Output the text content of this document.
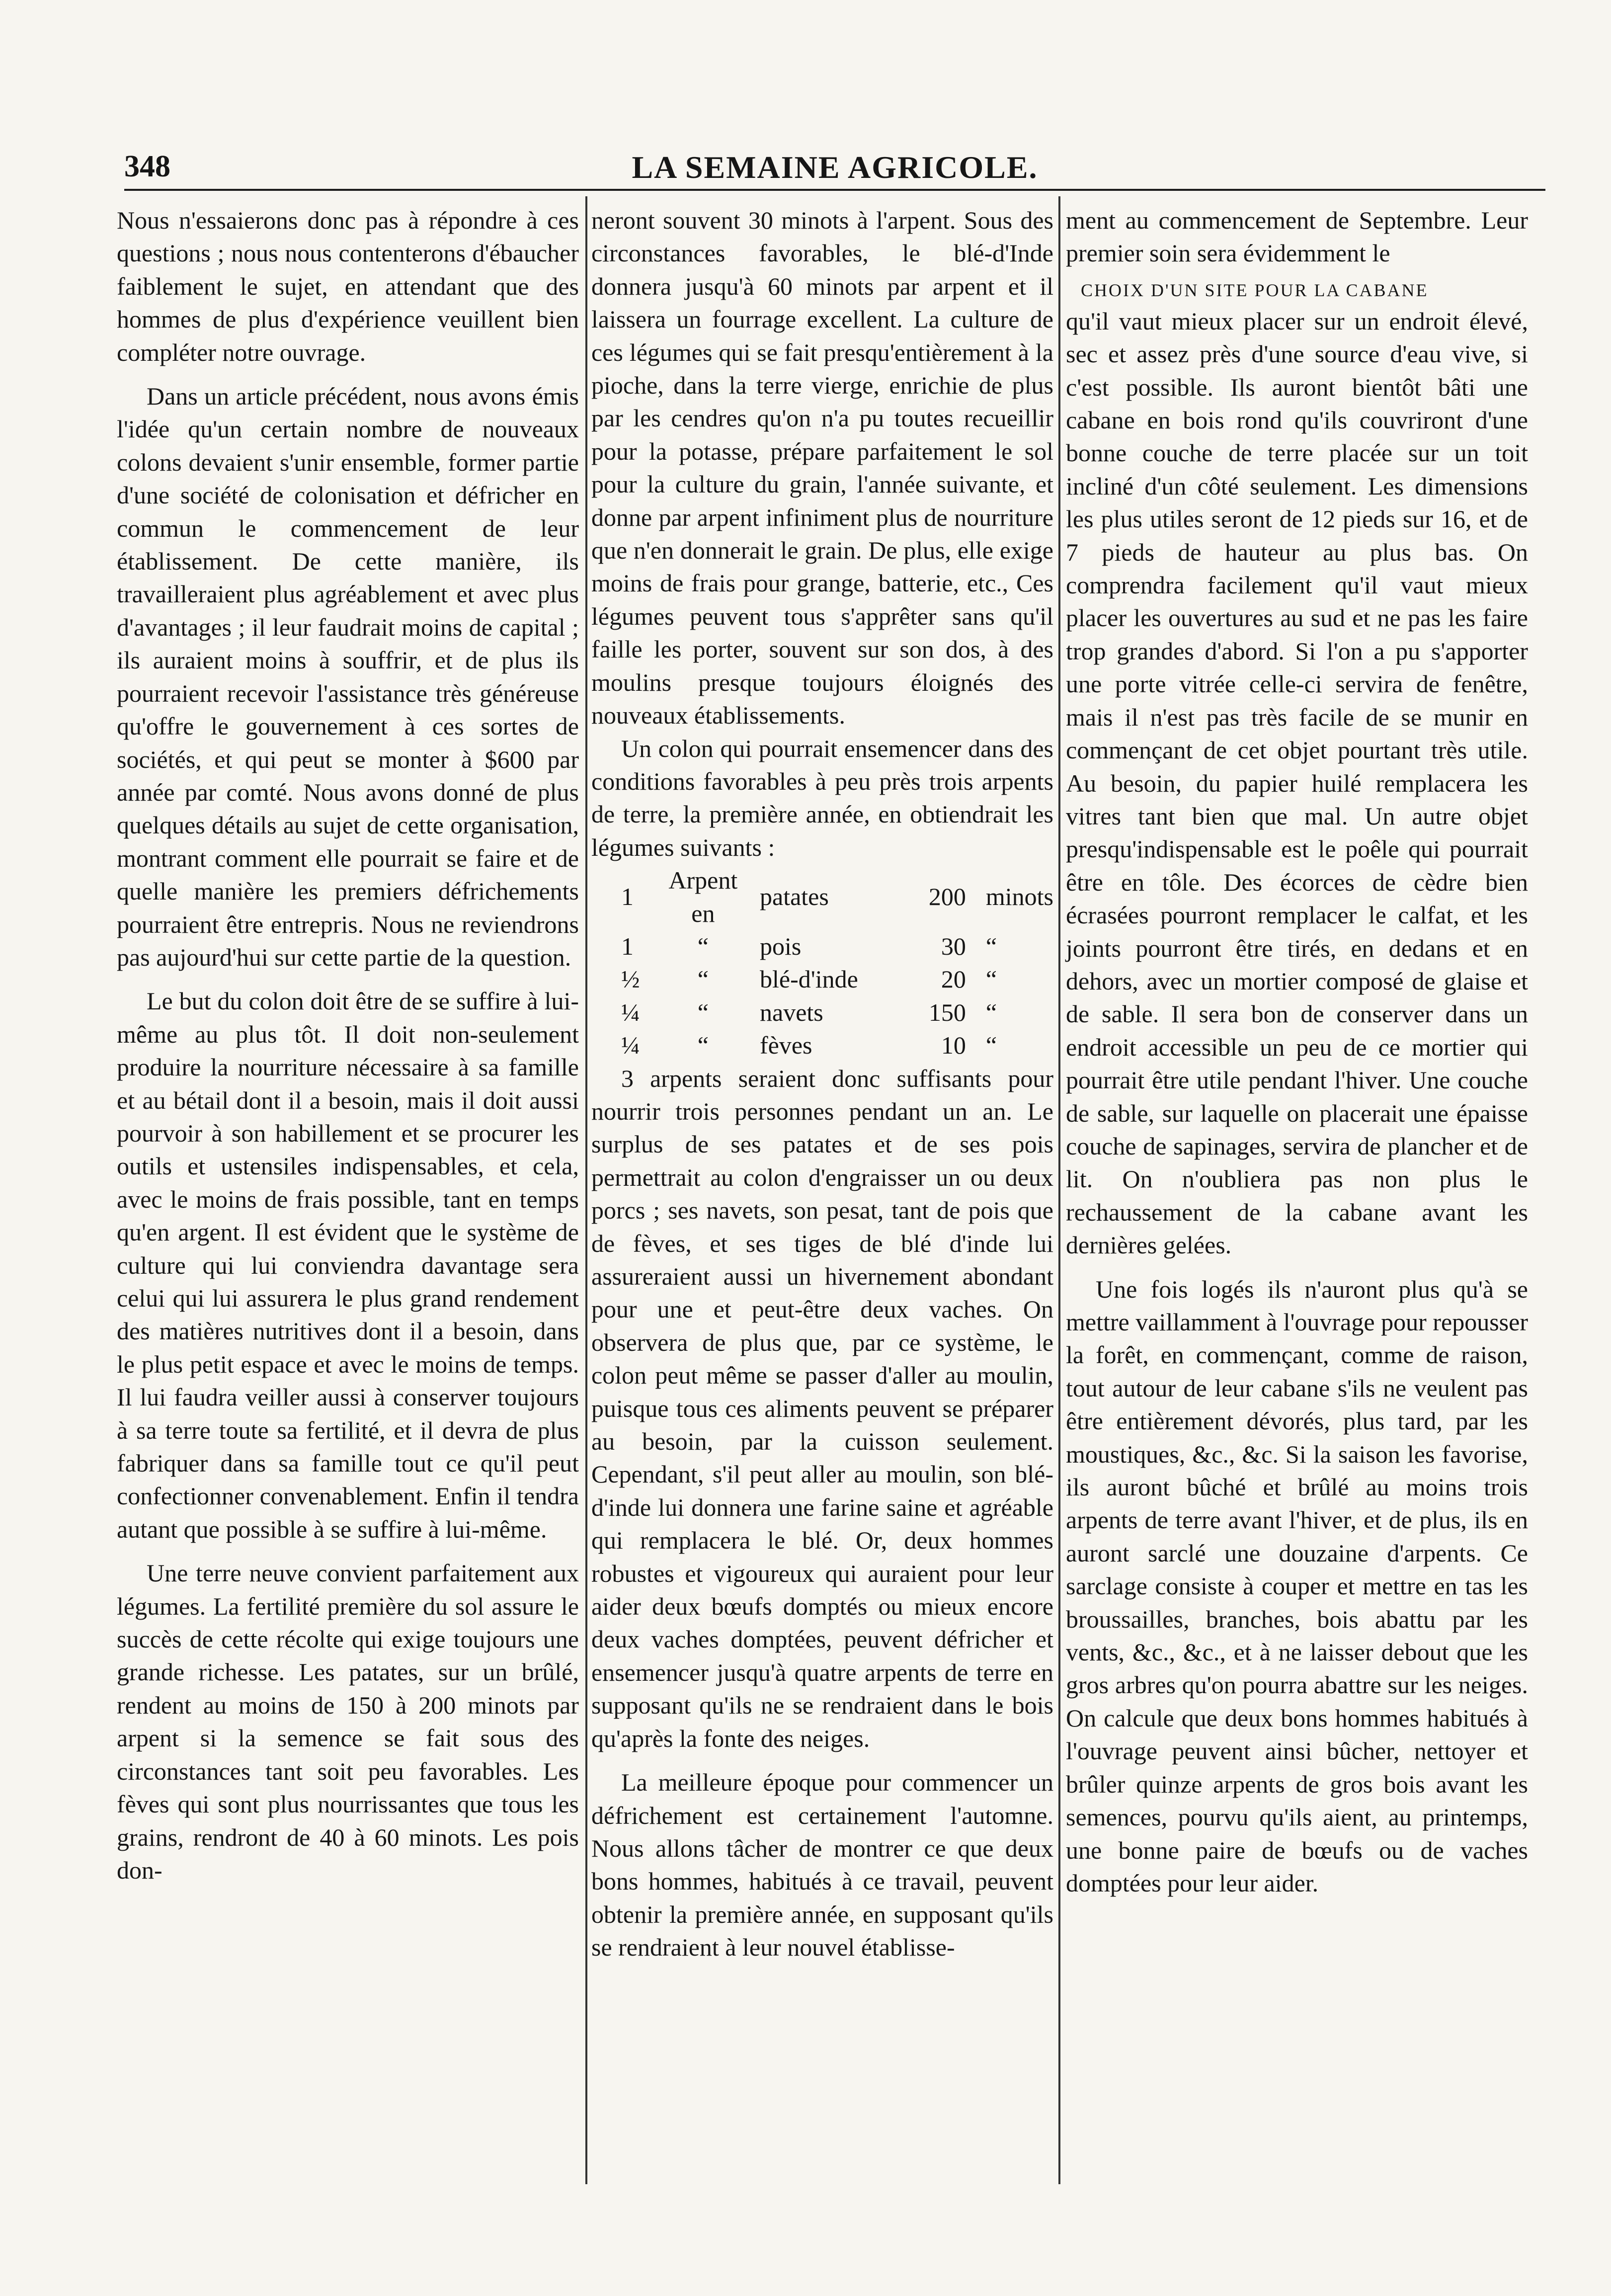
348	LA SEMAINE AGRICOLE.

Nous n'essaierons donc pas à répondre à ces questions ; nous nous contenterons d'ébaucher faiblement le sujet, en attendant que des hommes de plus d'expérience veuillent bien compléter notre ouvrage.

Dans un article précédent, nous avons émis l'idée qu'un certain nombre de nouveaux colons devaient s'unir ensemble, former partie d'une société de colonisation et défricher en commun le commencement de leur établissement. De cette manière, ils travailleraient plus agréablement et avec plus d'avantages ; il leur faudrait moins de capital ; ils auraient moins à souffrir, et de plus ils pourraient recevoir l'assistance très généreuse qu'offre le gouvernement à ces sortes de sociétés, et qui peut se monter à $600 par année par comté. Nous avons donné de plus quelques détails au sujet de cette organisation, montrant comment elle pourrait se faire et de quelle manière les premiers défrichements pourraient être entrepris. Nous ne reviendrons pas aujourd'hui sur cette partie de la question.

Le but du colon doit être de se suffire à lui-même au plus tôt. Il doit non-seulement produire la nourriture nécessaire à sa famille et au bétail dont il a besoin, mais il doit aussi pourvoir à son habillement et se procurer les outils et ustensiles indispensables, et cela, avec le moins de frais possible, tant en temps qu'en argent. Il est évident que le système de culture qui lui conviendra davantage sera celui qui lui assurera le plus grand rendement des matières nutritives dont il a besoin, dans le plus petit espace et avec le moins de temps. Il lui faudra veiller aussi à conserver toujours à sa terre toute sa fertilité, et il devra de plus fabriquer dans sa famille tout ce qu'il peut confectionner convenablement. Enfin il tendra autant que possible à se suffire à lui-même.

Une terre neuve convient parfaitement aux légumes. La fertilité première du sol assure le succès de cette récolte qui exige toujours une grande richesse. Les patates, sur un brûlé, rendent au moins de 150 à 200 minots par arpent si la semence se fait sous des circonstances tant soit peu favorables. Les fèves qui sont plus nourrissantes que tous les grains, rendront de 40 à 60 minots. Les pois don-

neront souvent 30 minots à l'arpent. Sous des circonstances favorables, le blé-d'Inde donnera jusqu'à 60 minots par arpent et il laissera un fourrage excellent. La culture de ces légumes qui se fait presqu'entièrement à la pioche, dans la terre vierge, enrichie de plus par les cendres qu'on n'a pu toutes recueillir pour la potasse, prépare parfaitement le sol pour la culture du grain, l'année suivante, et donne par arpent infiniment plus de nourriture que n'en donnerait le grain. De plus, elle exige moins de frais pour grange, batterie, etc., Ces légumes peuvent tous s'apprêter sans qu'il faille les porter, souvent sur son dos, à des moulins presque toujours éloignés des nouveaux établissements.

Un colon qui pourrait ensemencer dans des conditions favorables à peu près trois arpents de terre, la première année, en obtiendrait les légumes suivants :

1	Arpent en	patates	200	minots
1	“	pois	30	“
½	“	blé-d'inde	20	“
¼	“	navets	150	“
¼	“	fèves	10	“

3 arpents seraient donc suffisants pour nourrir trois personnes pendant un an. Le surplus de ses patates et de ses pois permettrait au colon d'engraisser un ou deux porcs ; ses navets, son pesat, tant de pois que de fèves, et ses tiges de blé d'inde lui assureraient aussi un hivernement abondant pour une et peut-être deux vaches. On observera de plus que, par ce système, le colon peut même se passer d'aller au moulin, puisque tous ces aliments peuvent se préparer au besoin, par la cuisson seulement. Cependant, s'il peut aller au moulin, son blé-d'inde lui donnera une farine saine et agréable qui remplacera le blé. Or, deux hommes robustes et vigoureux qui auraient pour leur aider deux bœufs domptés ou mieux encore deux vaches domptées, peuvent défricher et ensemencer jusqu'à quatre arpents de terre en supposant qu'ils ne se rendraient dans le bois qu'après la fonte des neiges.

La meilleure époque pour commencer un défrichement est certainement l'automne. Nous allons tâcher de montrer ce que deux bons hommes, habitués à ce travail, peuvent obtenir la première année, en supposant qu'ils se rendraient à leur nouvel établisse-

ment au commencement de Septembre. Leur premier soin sera évidemment le

CHOIX D'UN SITE POUR LA CABANE

qu'il vaut mieux placer sur un endroit élevé, sec et assez près d'une source d'eau vive, si c'est possible. Ils auront bientôt bâti une cabane en bois rond qu'ils couvriront d'une bonne couche de terre placée sur un toit incliné d'un côté seulement. Les dimensions les plus utiles seront de 12 pieds sur 16, et de 7 pieds de hauteur au plus bas. On comprendra facilement qu'il vaut mieux placer les ouvertures au sud et ne pas les faire trop grandes d'abord. Si l'on a pu s'apporter une porte vitrée celle-ci servira de fenêtre, mais il n'est pas très facile de se munir en commençant de cet objet pourtant très utile. Au besoin, du papier huilé remplacera les vitres tant bien que mal. Un autre objet presqu'indispensable est le poêle qui pourrait être en tôle. Des écorces de cèdre bien écrasées pourront remplacer le calfat, et les joints pourront être tirés, en dedans et en dehors, avec un mortier composé de glaise et de sable. Il sera bon de conserver dans un endroit accessible un peu de ce mortier qui pourrait être utile pendant l'hiver. Une couche de sable, sur laquelle on placerait une épaisse couche de sapinages, servira de plancher et de lit. On n'oubliera pas non plus le rechaussement de la cabane avant les dernières gelées.

Une fois logés ils n'auront plus qu'à se mettre vaillamment à l'ouvrage pour repousser la forêt, en commençant, comme de raison, tout autour de leur cabane s'ils ne veulent pas être entièrement dévorés, plus tard, par les moustiques, &c., &c. Si la saison les favorise, ils auront bûché et brûlé au moins trois arpents de terre avant l'hiver, et de plus, ils en auront sarclé une douzaine d'arpents. Ce sarclage consiste à couper et mettre en tas les broussailles, branches, bois abattu par les vents, &c., &c., et à ne laisser debout que les gros arbres qu'on pourra abattre sur les neiges. On calcule que deux bons hommes habitués à l'ouvrage peuvent ainsi bûcher, nettoyer et brûler quinze arpents de gros bois avant les semences, pourvu qu'ils aient, au printemps, une bonne paire de bœufs ou de vaches domptées pour leur aider.
